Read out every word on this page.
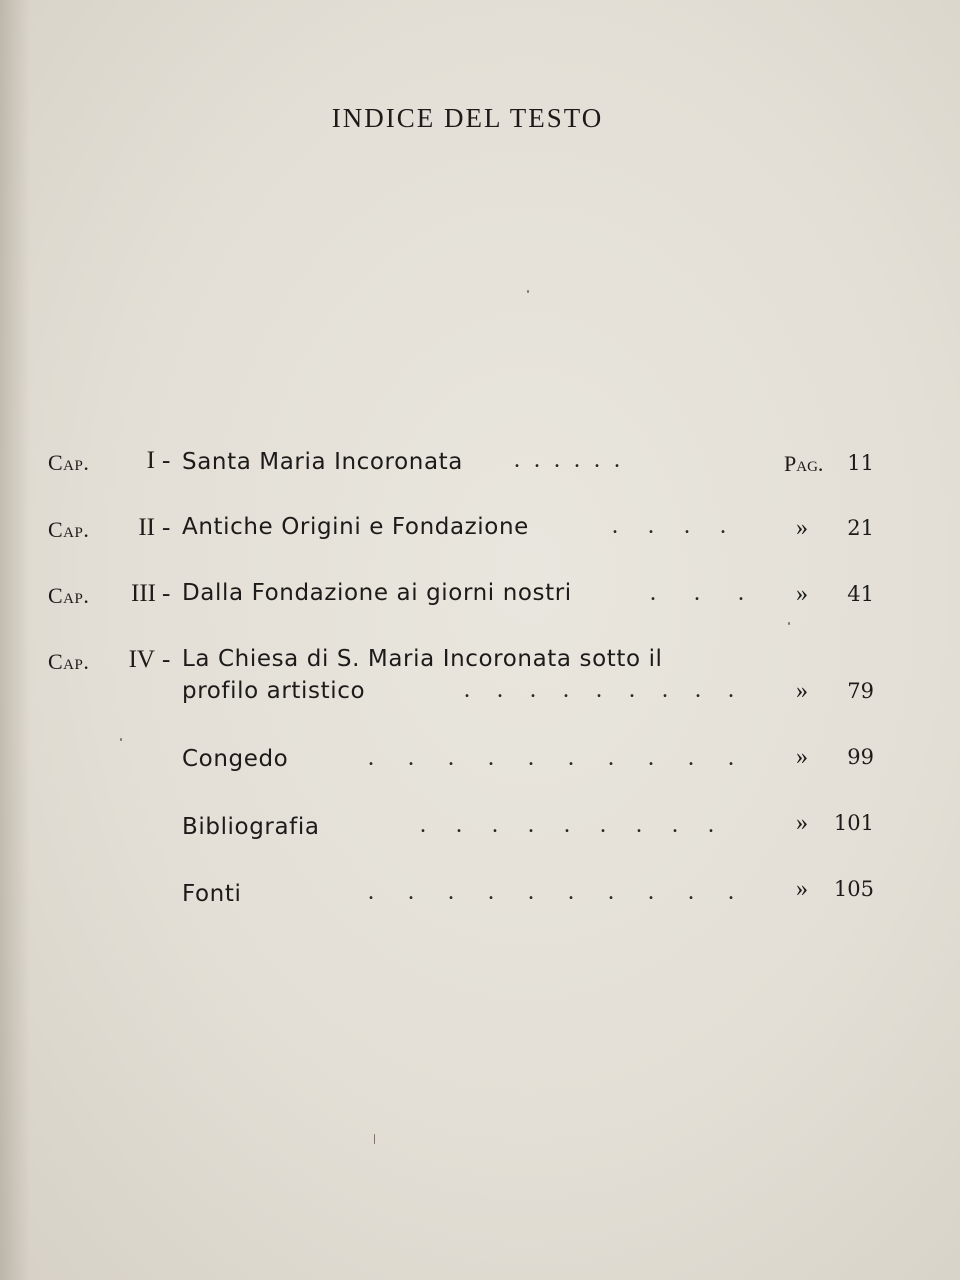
INDICE DEL TESTO
Cap.	I - Santa Maria Incoronata ......	Pag. 11
Cap.	II - Antiche Origini e Fondazione	.... » 21
Cap.	III - Dalla Fondazione ai giorni nostri	... » 41
Cap. IV - La Chiesa di S. Maria Incoronata sotto il
profilo artistico	......... » 79
Congedo	.......... » 99
Bibliografia	......... » 101
Fonti	.......... » 105
